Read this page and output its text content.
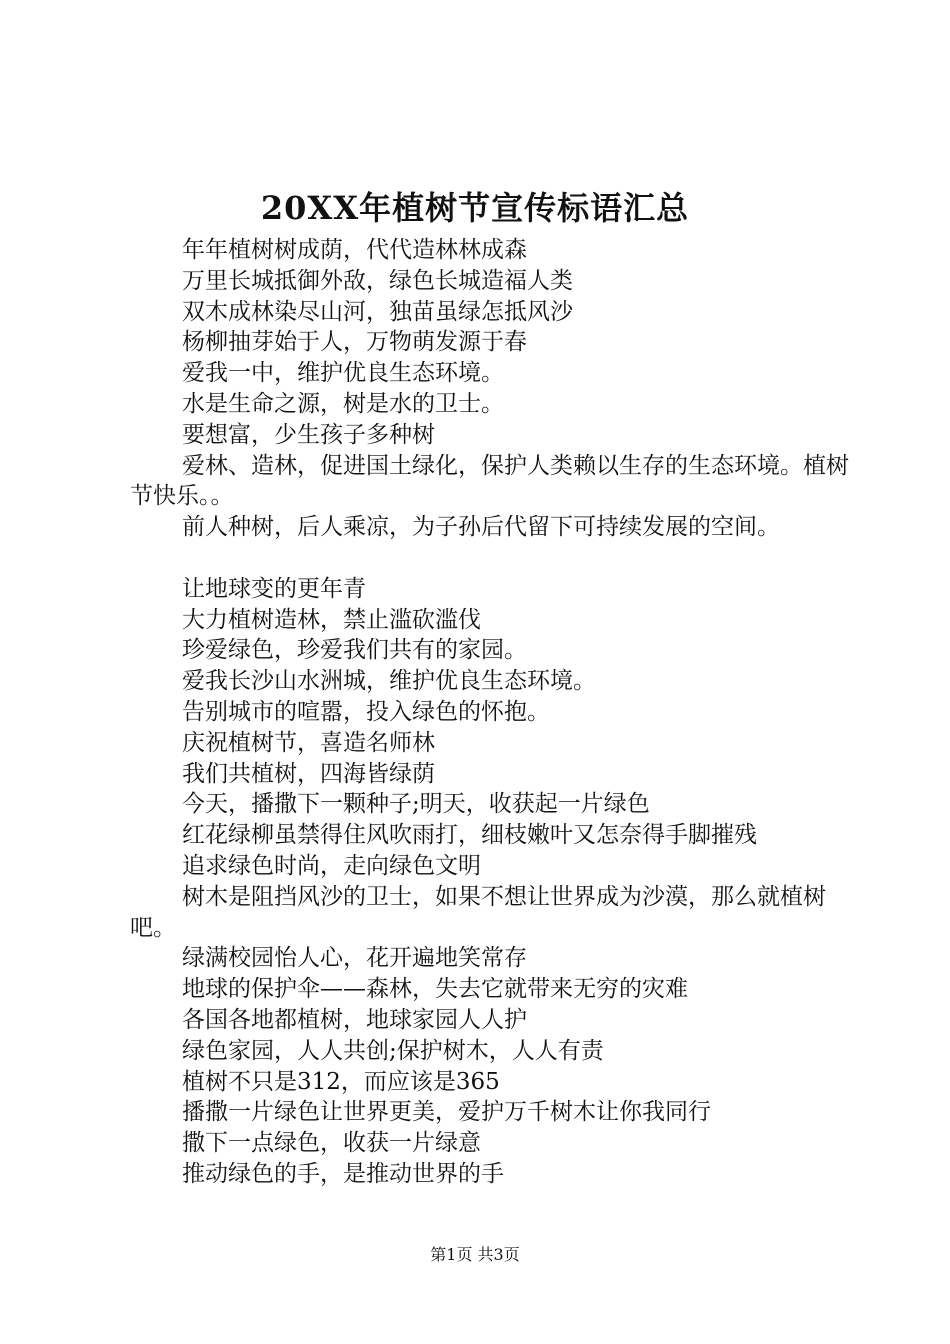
20XX年植树节宣传标语汇总

年年植树树成荫，代代造林林成森

万里长城抵御外敌，绿色长城造福人类

双木成林染尽山河，独苗虽绿怎抵风沙

杨柳抽芽始于人，万物萌发源于春

爱我一中，维护优良生态环境。

水是生命之源，树是水的卫士。

要想富，少生孩子多种树

爱林、造林，促进国土绿化，保护人类赖以生存的生态环境。植树节快乐。。

前人种树，后人乘凉，为子孙后代留下可持续发展的空间。

让地球变的更年青

大力植树造林，禁止滥砍滥伐

珍爱绿色，珍爱我们共有的家园。

爱我长沙山水洲城，维护优良生态环境。

告别城市的喧嚣，投入绿色的怀抱。

庆祝植树节，喜造名师林

我们共植树，四海皆绿荫

今天，播撒下一颗种子;明天，收获起一片绿色

红花绿柳虽禁得住风吹雨打，细枝嫩叶又怎奈得手脚摧残

追求绿色时尚，走向绿色文明

树木是阻挡风沙的卫士，如果不想让世界成为沙漠，那么就植树吧。

绿满校园怡人心，花开遍地笑常存

地球的保护伞——森林，失去它就带来无穷的灾难

各国各地都植树，地球家园人人护

绿色家园，人人共创;保护树木，人人有责

植树不只是312，而应该是365

播撒一片绿色让世界更美，爱护万千树木让你我同行

撒下一点绿色，收获一片绿意

推动绿色的手，是推动世界的手

第1页 共3页
